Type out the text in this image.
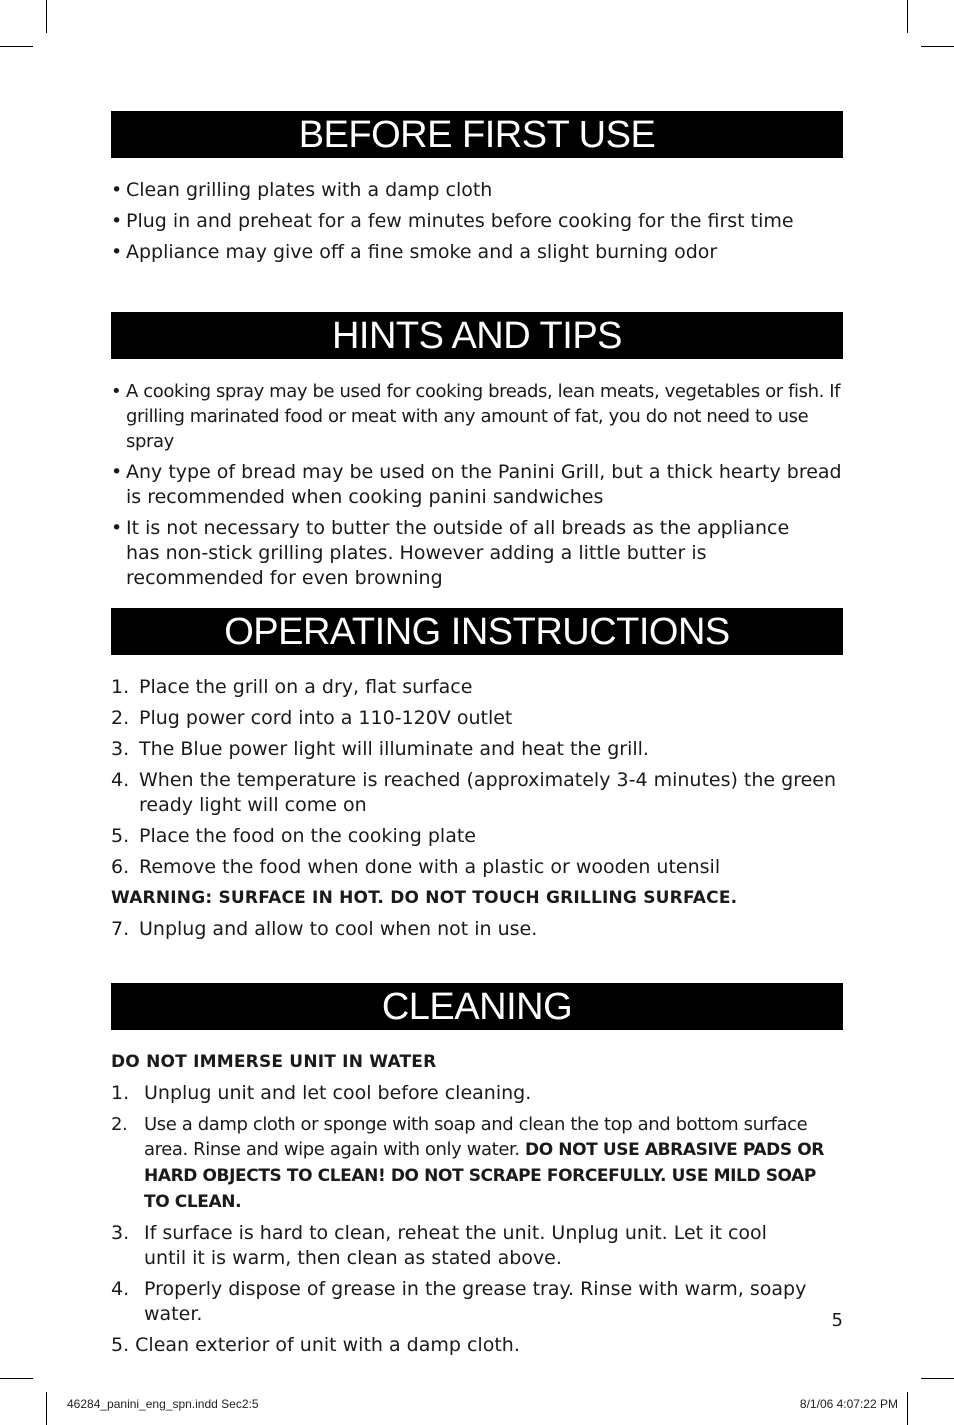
BEFORE FIRST USE
• Clean grilling plates with a damp cloth
• Plug in and preheat for a few minutes before cooking for the first time
• Appliance may give off a fine smoke and a slight burning odor
HINTS AND TIPS
• A cooking spray may be used for cooking breads, lean meats, vegetables or fish. If grilling marinated food or meat with any amount of fat, you do not need to use spray
• Any type of bread may be used on the Panini Grill, but a thick hearty bread is recommended when cooking panini sandwiches
• It is not necessary to butter the outside of all breads as the appliance has non-stick grilling plates. However adding a little butter is recommended for even browning
OPERATING INSTRUCTIONS
1. Place the grill on a dry, flat surface
2. Plug power cord into a 110-120V outlet
3. The Blue power light will illuminate and heat the grill.
4. When the temperature is reached (approximately 3-4 minutes) the green ready light will come on
5. Place the food on the cooking plate
6. Remove the food when done with a plastic or wooden utensil
WARNING: SURFACE IN HOT. DO NOT TOUCH GRILLING SURFACE.
7. Unplug and allow to cool when not in use.
CLEANING
DO NOT IMMERSE UNIT IN WATER
1. Unplug unit and let cool before cleaning.
2. Use a damp cloth or sponge with soap and clean the top and bottom surface area. Rinse and wipe again with only water. DO NOT USE ABRASIVE PADS OR HARD OBJECTS TO CLEAN! DO NOT SCRAPE FORCEFULLY. USE MILD SOAP TO CLEAN.
3. If surface is hard to clean, reheat the unit. Unplug unit. Let it cool until it is warm, then clean as stated above.
4. Properly dispose of grease in the grease tray. Rinse with warm, soapy water.
5. Clean exterior of unit with a damp cloth.
5
46284_panini_eng_spn.indd Sec2:5	8/1/06 4:07:22 PM
